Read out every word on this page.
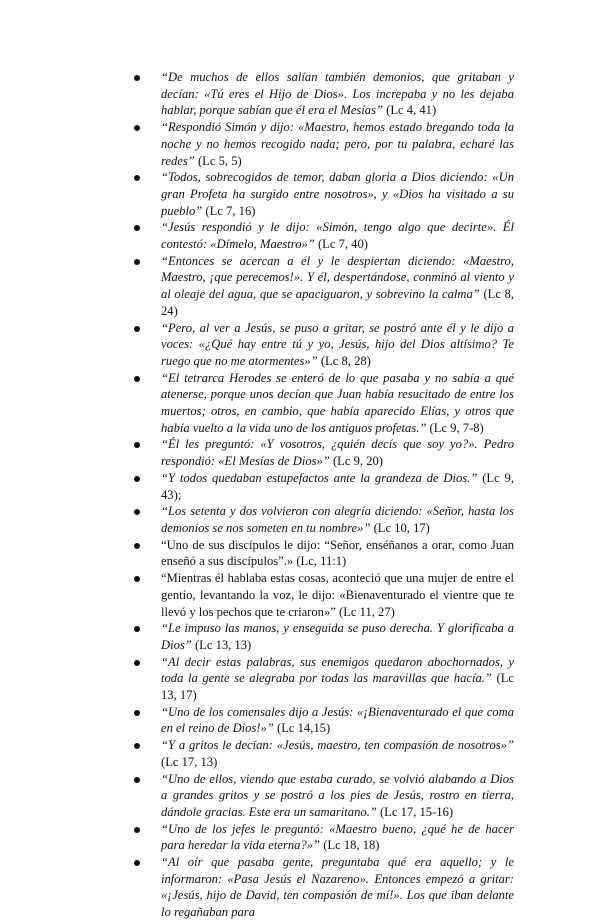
“De muchos de ellos salían también demonios, que gritaban y decían: «Tú eres el Hijo de Dios». Los increpaba y no les dejaba hablar, porque sabían que él era el Mesías” (Lc 4, 41)
“Respondió Simón y dijo: «Maestro, hemos estado bregando toda la noche y no hemos recogido nada; pero, por tu palabra, echaré las redes” (Lc 5, 5)
“Todos, sobrecogidos de temor, daban gloria a Dios diciendo: «Un gran Profeta ha surgido entre nosotros», y «Dios ha visitado a su pueblo” (Lc 7, 16)
“Jesús respondió y le dijo: «Simón, tengo algo que decirte». Él contestó: «Dímelo, Maestro»” (Lc 7, 40)
“Entonces se acercan a él y le despiertan diciendo: «Maestro, Maestro, ¡que perecemos!». Y él, despertándose, conminó al viento y al oleaje del agua, que se apaciguaron, y sobrevino la calma” (Lc 8, 24)
“Pero, al ver a Jesús, se puso a gritar, se postró ante él y le dijo a voces: «¿Qué hay entre tú y yo, Jesús, hijo del Dios altísimo? Te ruego que no me atormentes»” (Lc 8, 28)
“El tetrarca Herodes se enteró de lo que pasaba y no sabía a qué atenerse, porque unos decían que Juan había resucitado de entre los muertos; otros, en cambio, que había aparecido Elías, y otros que había vuelto a la vida uno de los antiguos profetas.” (Lc 9, 7-8)
“Él les preguntó: «Y vosotros, ¿quién decís que soy yo?». Pedro respondió: «El Mesías de Dios»” (Lc 9, 20)
“Y todos quedaban estupefactos ante la grandeza de Dios.” (Lc 9, 43);
“Los setenta y dos volvieron con alegría diciendo: «Señor, hasta los demonios se nos someten en tu nombre»” (Lc 10, 17)
“Uno de sus discípulos le dijo: “Señor, enséñanos a orar, como Juan enseñó a sus discípulos”.» (Lc, 11:1)
“Mientras él hablaba estas cosas, aconteció que una mujer de entre el gentío, levantando la voz, le dijo: «Bienaventurado el vientre que te llevó y los pechos que te criaron»” (Lc 11, 27)
“Le impuso las manos, y enseguida se puso derecha. Y glorificaba a Dios” (Lc 13, 13)
“Al decir estas palabras, sus enemigos quedaron abochornados, y toda la gente se alegraba por todas las maravillas que hacía.” (Lc 13, 17)
“Uno de los comensales dijo a Jesús: «¡Bienaventurado el que coma en el reino de Dios!»” (Lc 14,15)
“Y a gritos le decían: «Jesús, maestro, ten compasión de nosotros»” (Lc 17, 13)
“Uno de ellos, viendo que estaba curado, se volvió alabando a Dios a grandes gritos y se postró a los pies de Jesús, rostro en tierra, dándole gracias. Este era un samaritano.” (Lc 17, 15-16)
“Uno de los jefes le preguntó: «Maestro bueno, ¿qué he de hacer para heredar la vida eterna?»” (Lc 18, 18)
“Al oír que pasaba gente, preguntaba qué era aquello; y le informaron: «Pasa Jesús el Nazareno». Entonces empezó a gritar: «¡Jesús, hijo de David, ten compasión de mí!». Los que iban delante lo regañaban para
